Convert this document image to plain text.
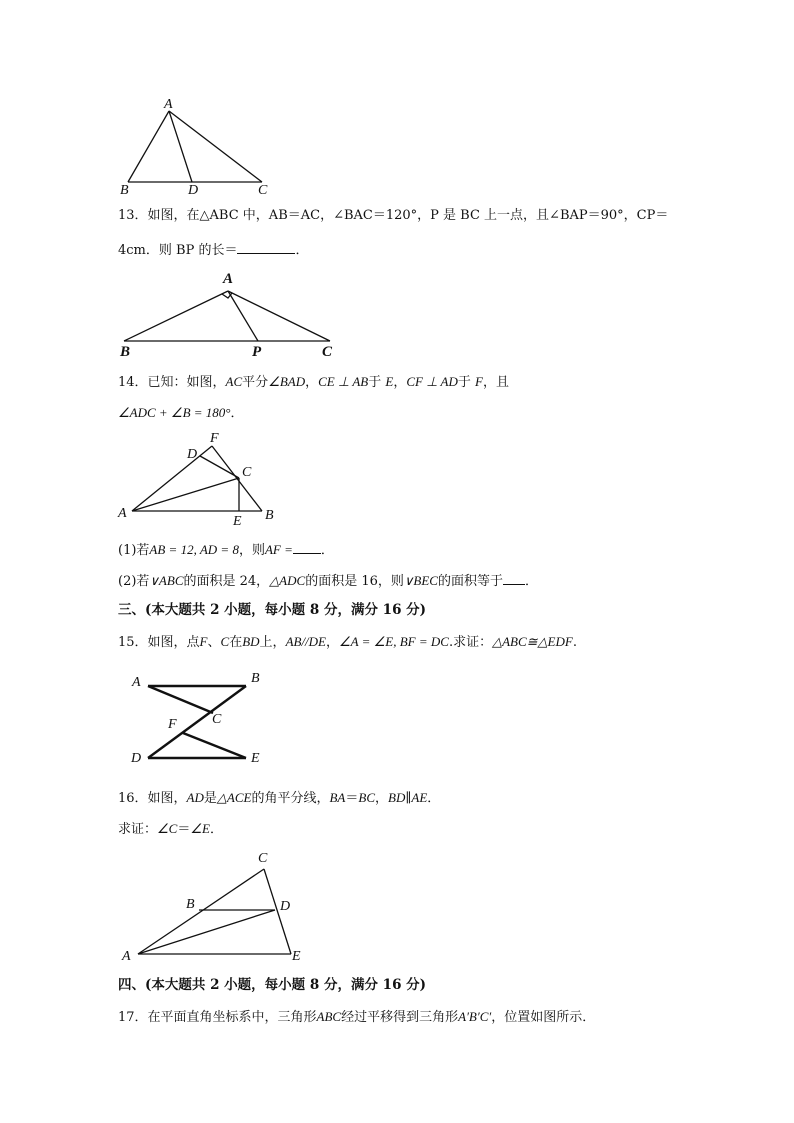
A
B	D	C
13．如图，在△ABC 中，AB＝AC，∠BAC＝120°，P 是 BC 上一点，且∠BAP＝90°，CP＝
4cm．则 BP 的长＝	．
A
B	P	C
14．已知：如图，AC平分∠BAD，CE ⊥ AB于 E，CF ⊥ AD于 F，且
∠ADC + ∠B = 180°．
F
D
C
A
E B
(1)若AB = 12, AD = 8，则AF = ．
(2)若∨ABC的面积是 24，△ADC的面积是 16，则∨BEC的面积等于 ．
三、(本大题共 2 小题，每小题 8 分，满分 16 分)
15．如图，点F、C在BD上，AB//DE，∠A = ∠E, BF = DC.求证：△ABC≅△EDF.
A	B
C
F
D	E
16．如图，AD是△ACE的角平分线，BA＝BC，BD∥AE．
求证：∠C＝∠E．
C
B	D
A	E
四、(本大题共 2 小题，每小题 8 分，满分 16 分)
17．在平面直角坐标系中，三角形ABC经过平移得到三角形A′B′C′，位置如图所示．
